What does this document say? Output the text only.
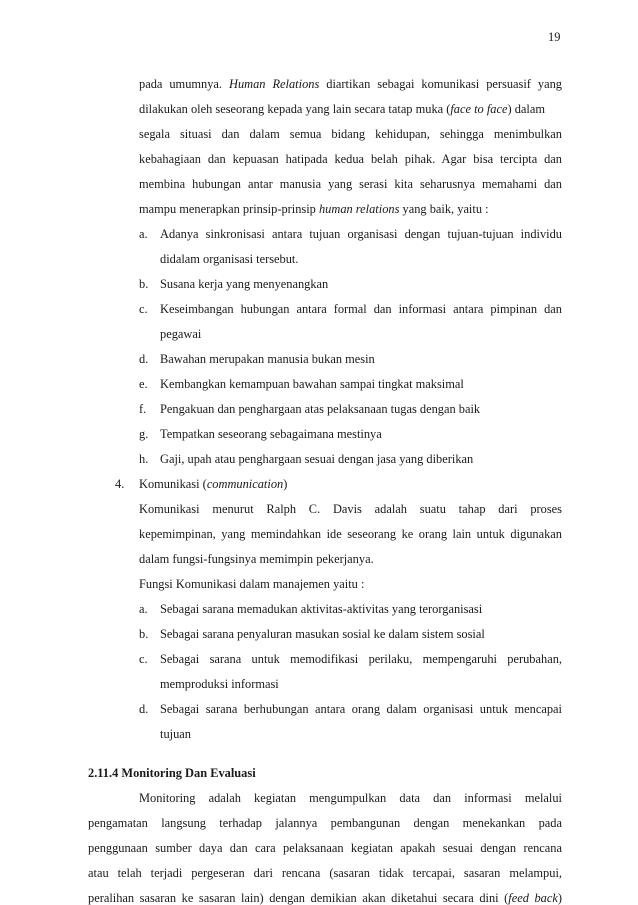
19
pada umumnya. Human Relations diartikan sebagai komunikasi persuasif yang
dilakukan oleh seseorang kepada yang lain secara tatap muka (face to face) dalam
segala situasi dan dalam semua bidang kehidupan, sehingga menimbulkan
kebahagiaan dan kepuasan hatipada kedua belah pihak. Agar bisa tercipta dan
membina hubungan antar manusia yang serasi kita seharusnya memahami dan
mampu menerapkan prinsip-prinsip human relations yang baik, yaitu :
a. Adanya sinkronisasi antara tujuan organisasi dengan tujuan-tujuan individu
didalam organisasi tersebut.
b. Susana kerja yang menyenangkan
c. Keseimbangan hubungan antara formal dan informasi antara pimpinan dan
pegawai
d. Bawahan merupakan manusia bukan mesin
e. Kembangkan kemampuan bawahan sampai tingkat maksimal
f. Pengakuan dan penghargaan atas pelaksanaan tugas dengan baik
g. Tempatkan seseorang sebagaimana mestinya
h. Gaji, upah atau penghargaan sesuai dengan jasa yang diberikan
4. Komunikasi (communication)
Komunikasi menurut Ralph C. Davis adalah suatu tahap dari proses
kepemimpinan, yang memindahkan ide seseorang ke orang lain untuk digunakan
dalam fungsi-fungsinya memimpin pekerjanya.
Fungsi Komunikasi dalam manajemen yaitu :
a. Sebagai sarana memadukan aktivitas-aktivitas yang terorganisasi
b. Sebagai sarana penyaluran masukan sosial ke dalam sistem sosial
c. Sebagai sarana untuk memodifikasi perilaku, mempengaruhi perubahan,
memproduksi informasi
d. Sebagai sarana berhubungan antara orang dalam organisasi untuk mencapai
tujuan
2.11.4 Monitoring Dan Evaluasi
Monitoring adalah kegiatan mengumpulkan data dan informasi melalui
pengamatan langsung terhadap jalannya pembangunan dengan menekankan pada
penggunaan sumber daya dan cara pelaksanaan kegiatan apakah sesuai dengan rencana
atau telah terjadi pergeseran dari rencana (sasaran tidak tercapai, sasaran melampui,
peralihan sasaran ke sasaran lain) dengan demikian akan diketahui secara dini (feed back)
